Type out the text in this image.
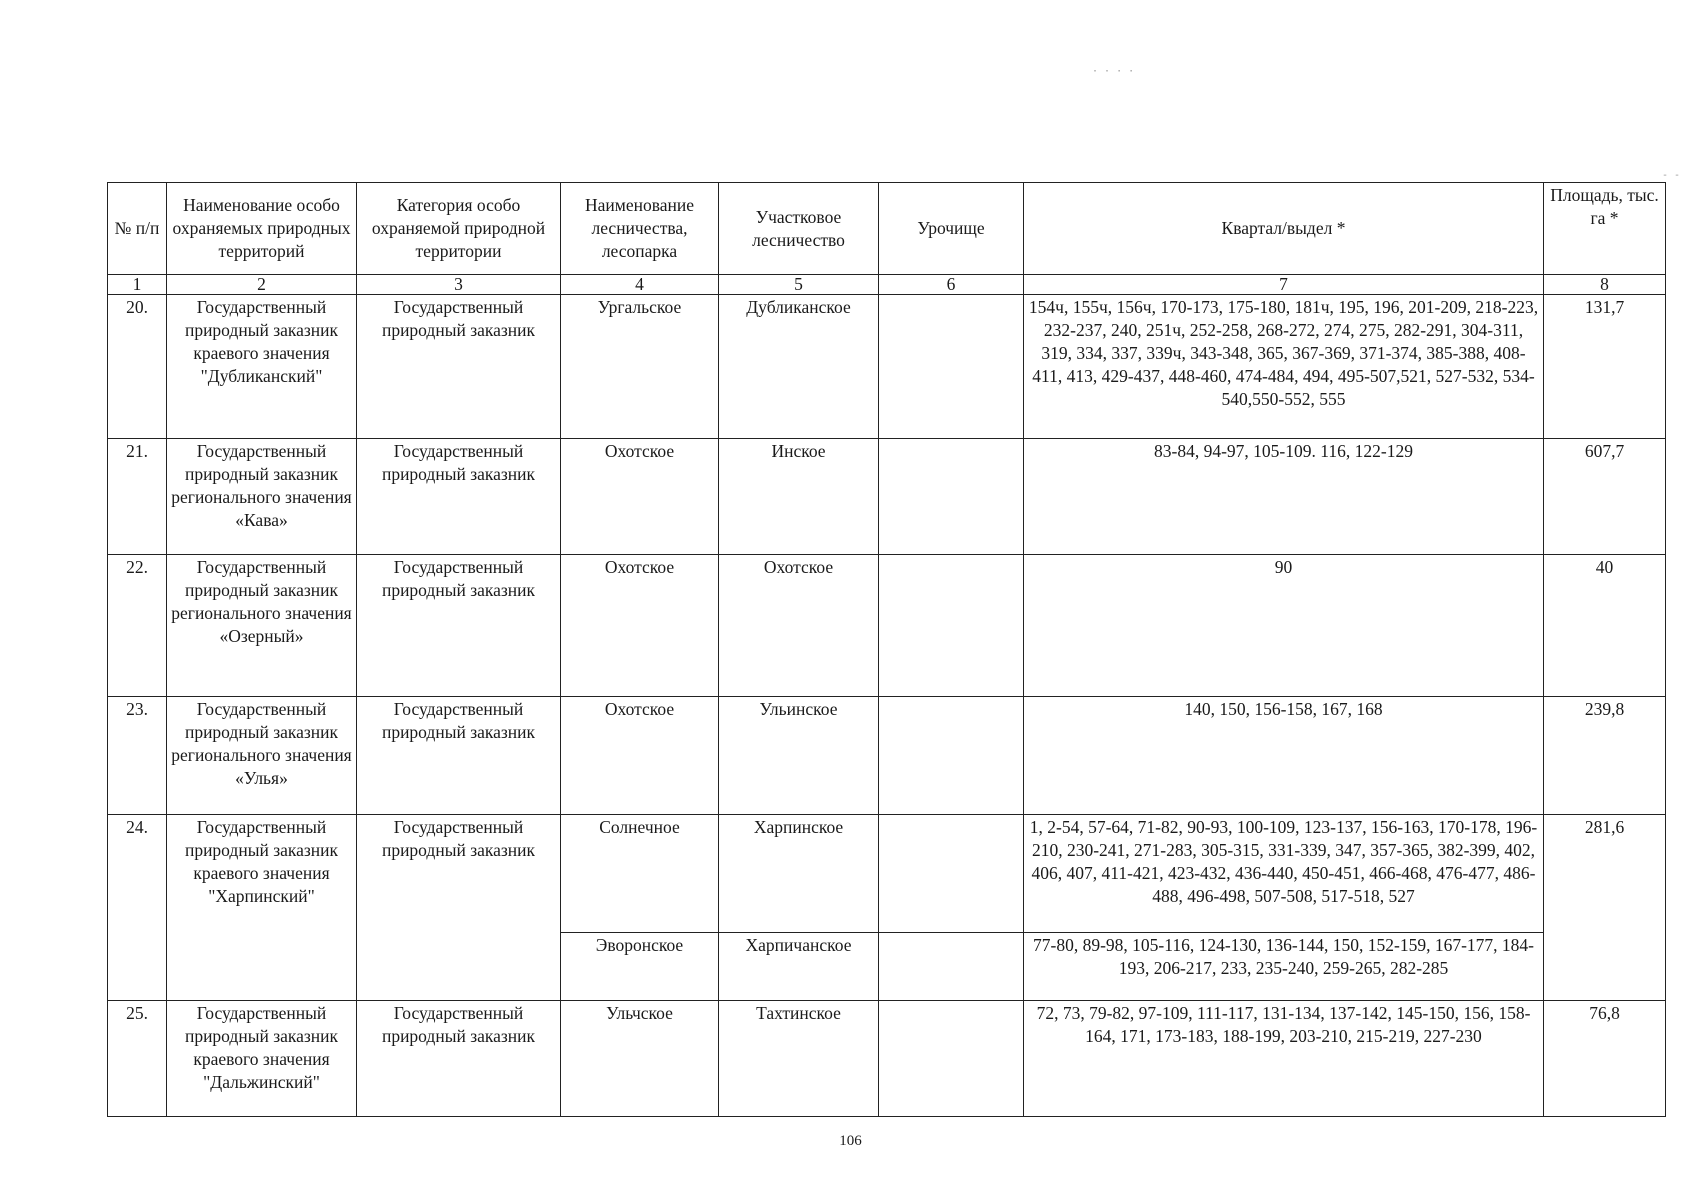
№ п/п	Наименование особо охраняемых природных территорий	Категория особо охраняемой природной территории	Наименование лесничества, лесопарка	Участковое лесничество	Урочище	Квартал/выдел *	Площадь, тыс. га *
1	2	3	4	5	6	7	8
20.	Государственный природный заказник краевого значения "Дубликанский"	Государственный природный заказник	Ургальское	Дубликанское		154ч, 155ч, 156ч, 170-173, 175-180, 181ч, 195, 196, 201-209, 218-223, 232-237, 240, 251ч, 252-258, 268-272, 274, 275, 282-291, 304-311, 319, 334, 337, 339ч, 343-348, 365, 367-369, 371-374, 385-388, 408-411, 413, 429-437, 448-460, 474-484, 494, 495-507,521, 527-532, 534-540,550-552, 555	131,7
21.	Государственный природный заказник регионального значения «Кава»	Государственный природный заказник	Охотское	Инское		83-84, 94-97, 105-109. 116, 122-129	607,7
22.	Государственный природный заказник регионального значения «Озерный»	Государственный природный заказник	Охотское	Охотское		90	40
23.	Государственный природный заказник регионального значения «Улья»	Государственный природный заказник	Охотское	Ульинское		140, 150, 156-158, 167, 168	239,8
24.	Государственный природный заказник краевого значения "Харпинский"	Государственный природный заказник	Солнечное	Харпинское		1, 2-54, 57-64, 71-82, 90-93, 100-109, 123-137, 156-163, 170-178, 196-210, 230-241, 271-283, 305-315, 331-339, 347, 357-365, 382-399, 402, 406, 407, 411-421, 423-432, 436-440, 450-451, 466-468, 476-477, 486-488, 496-498, 507-508, 517-518, 527	281,6
			Эворонское	Харпичанское		77-80, 89-98, 105-116, 124-130, 136-144, 150, 152-159, 167-177, 184-193, 206-217, 233, 235-240, 259-265, 282-285	
25.	Государственный природный заказник краевого значения "Дальжинский"	Государственный природный заказник	Ульчское	Тахтинское		72, 73, 79-82, 97-109, 111-117, 131-134, 137-142, 145-150, 156, 158-164, 171, 173-183, 188-199, 203-210, 215-219, 227-230	76,8
106
· · · ·
- -
